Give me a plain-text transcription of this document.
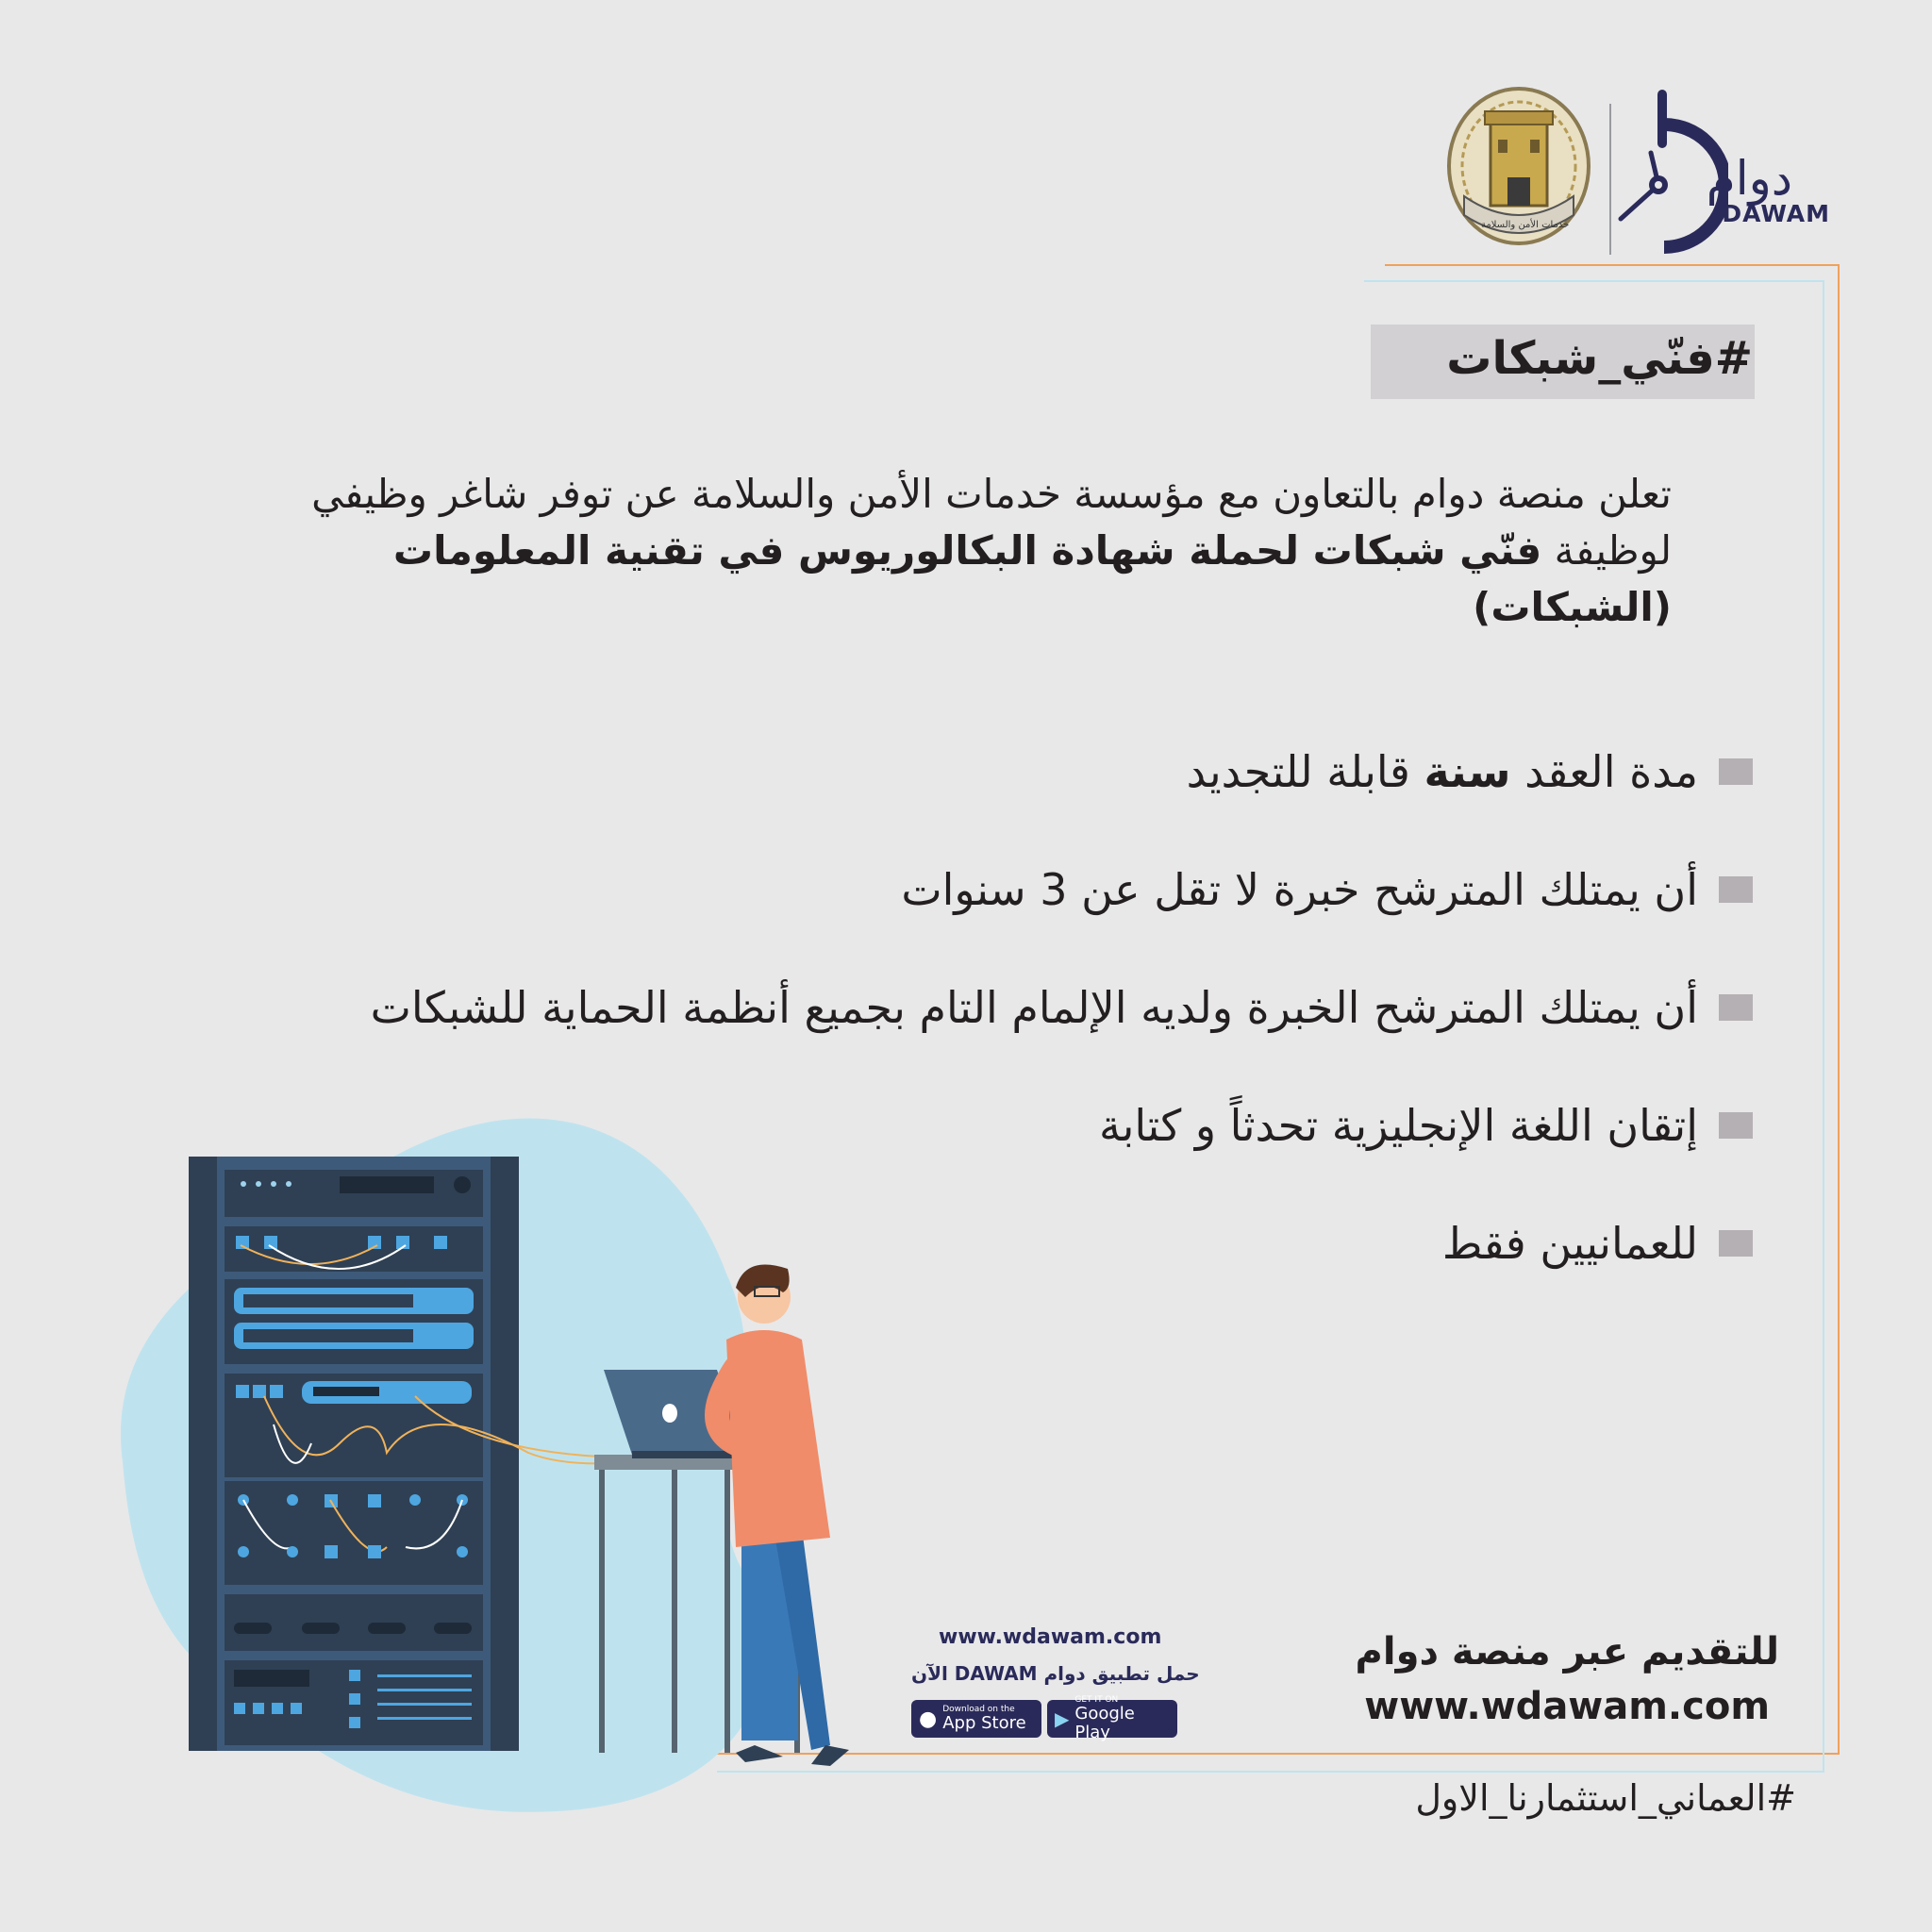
خدمات الأمن والسلامة
دوام
DAWAM
#فنّي_شبكات
تعلن منصة دوام بالتعاون مع مؤسسة خدمات الأمن والسلامة عن توفر شاغر وظيفي لوظيفة فنّي شبكات لحملة شهادة البكالوريوس في تقنية المعلومات (الشبكات)
مدة العقد سنة قابلة للتجديد
أن يمتلك المترشح خبرة لا تقل عن 3 سنوات
أن يمتلك المترشح الخبرة ولديه الإلمام التام بجميع أنظمة الحماية للشبكات
إتقان اللغة الإنجليزية تحدثاً و كتابة
للعمانيين فقط
www.wdawam.com
حمل تطبيق دوام DAWAM الآن
● Download on the
App Store ▶
GET IT ON
Google Play
للتقديم عبر منصة دوام
www.wdawam.com
#العماني_استثمارنا_الاول
